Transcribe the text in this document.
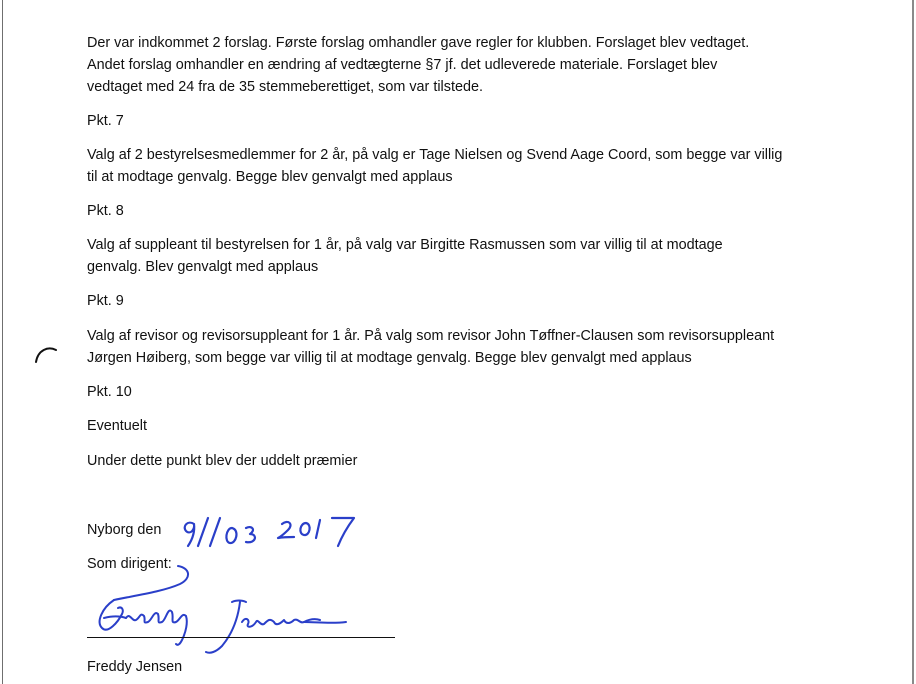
Der var indkommet 2 forslag. Første forslag omhandler gave regler for klubben. Forslaget blev vedtaget.
Andet forslag omhandler en ændring af vedtægterne §7 jf. det udleverede materiale. Forslaget blev
vedtaget med 24 fra de 35 stemmeberettiget, som var tilstede.
Pkt. 7
Valg af 2 bestyrelsesmedlemmer for 2 år, på valg er Tage Nielsen og Svend Aage Coord, som begge var villig
til at modtage genvalg. Begge blev genvalgt med applaus
Pkt. 8
Valg af suppleant til bestyrelsen for 1 år, på valg var Birgitte Rasmussen som var villig til at modtage
genvalg. Blev genvalgt med applaus
Pkt. 9
Valg af revisor og revisorsuppleant for 1 år. På valg som revisor John Tøffner-Clausen som revisorsuppleant
Jørgen Høiberg, som begge var villig til at modtage genvalg. Begge blev genvalgt med applaus
Pkt. 10
Eventuelt
Under dette punkt blev der uddelt præmier
Nyborg den
Som dirigent:
Freddy Jensen
